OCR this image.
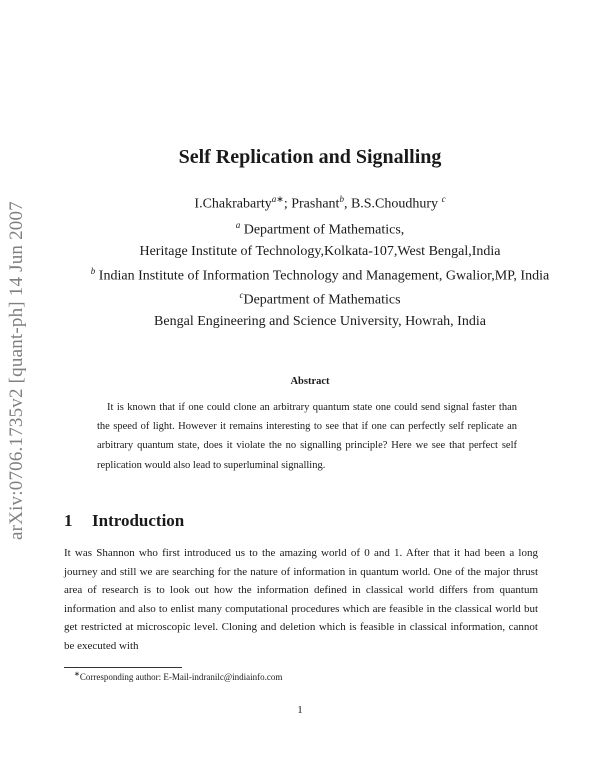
arXiv:0706.1735v2 [quant-ph] 14 Jun 2007
Self Replication and Signalling
I.Chakrabarty$^{a∗}$; Prashant$^b$, B.S.Choudhury $^c$
$^a$ Department of Mathematics,
Heritage Institute of Technology,Kolkata-107,West Bengal,India
$^b$ Indian Institute of Information Technology and Management, Gwalior,MP, India
$^c$Department of Mathematics
Bengal Engineering and Science University, Howrah, India
Abstract
It is known that if one could clone an arbitrary quantum state one could send signal faster than the speed of light. However it remains interesting to see that if one can perfectly self replicate an arbitrary quantum state, does it violate the no signalling principle? Here we see that perfect self replication would also lead to superluminal signalling.
1 Introduction
It was Shannon who first introduced us to the amazing world of 0 and 1. After that it had been a long journey and still we are searching for the nature of information in quantum world. One of the major thrust area of research is to look out how the information defined in classical world differs from quantum information and also to enlist many computational procedures which are feasible in the classical world but get restricted at microscopic level. Cloning and deletion which is feasible in classical information, cannot be executed with
∗Corresponding author: E-Mail-indranilc@indiainfo.com
1
